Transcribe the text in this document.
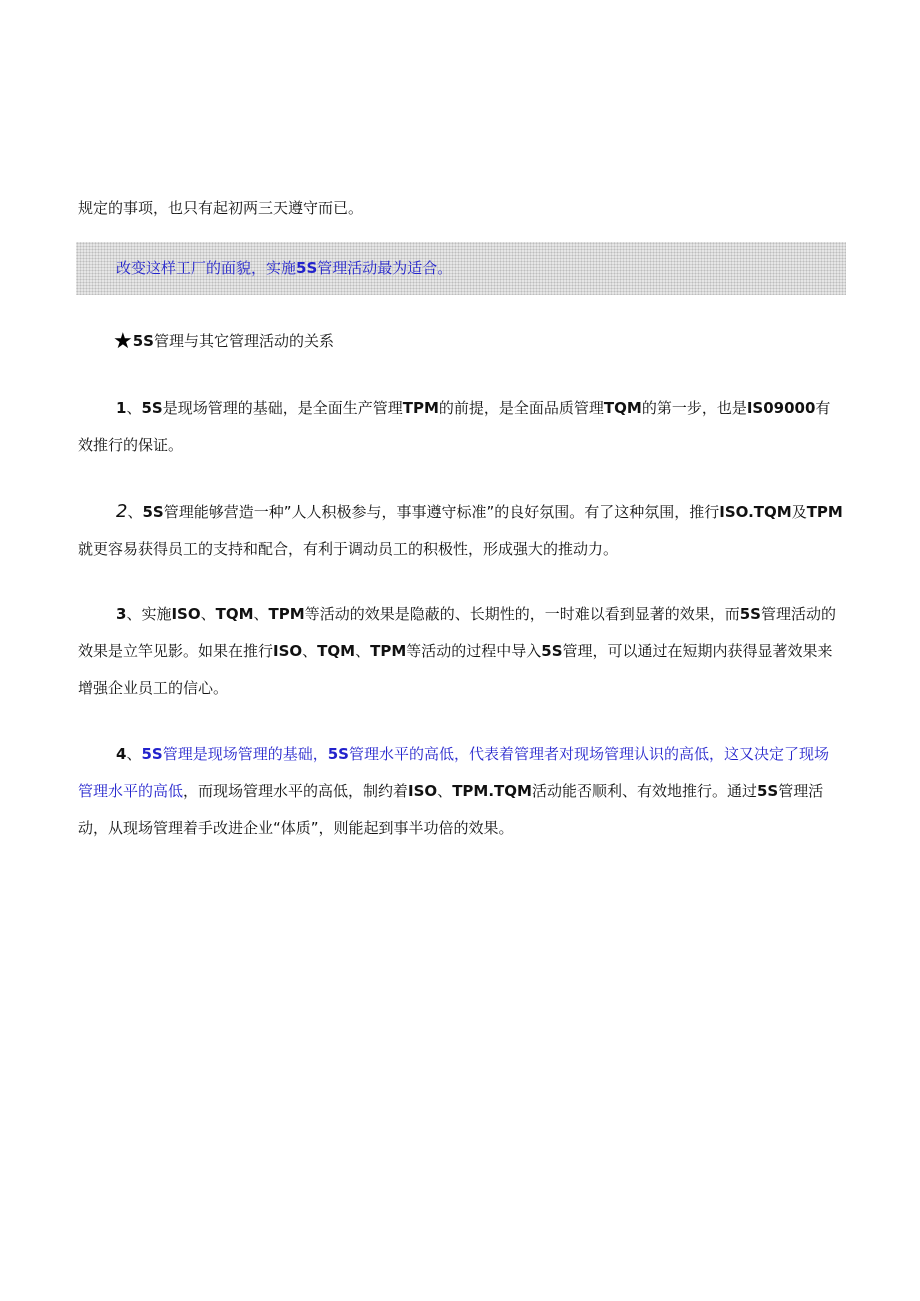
规定的事项，也只有起初两三天遵守而已。

改变这样工厂的面貌，实施5S管理活动最为适合。

★5S管理与其它管理活动的关系

1、5S是现场管理的基础，是全面生产管理TPM的前提，是全面品质管理TQM的第一步，也是IS09000有效推行的保证。

2、5S管理能够营造一种”人人积极参与，事事遵守标准”的良好氛围。有了这种氛围，推行ISO.TQM及TPM就更容易获得员工的支持和配合，有利于调动员工的积极性，形成强大的推动力。

3、实施ISO、TQM、TPM等活动的效果是隐蔽的、长期性的，一时难以看到显著的效果，而5S管理活动的效果是立竿见影。如果在推行ISO、TQM、TPM等活动的过程中导入5S管理，可以通过在短期内获得显著效果来增强企业员工的信心。

4、5S管理是现场管理的基础，5S管理水平的高低，代表着管理者对现场管理认识的高低，这又决定了现场管理水平的高低，而现场管理水平的高低，制约着ISO、TPM.TQM活动能否顺利、有效地推行。通过5S管理活动，从现场管理着手改进企业“体质”，则能起到事半功倍的效果。
